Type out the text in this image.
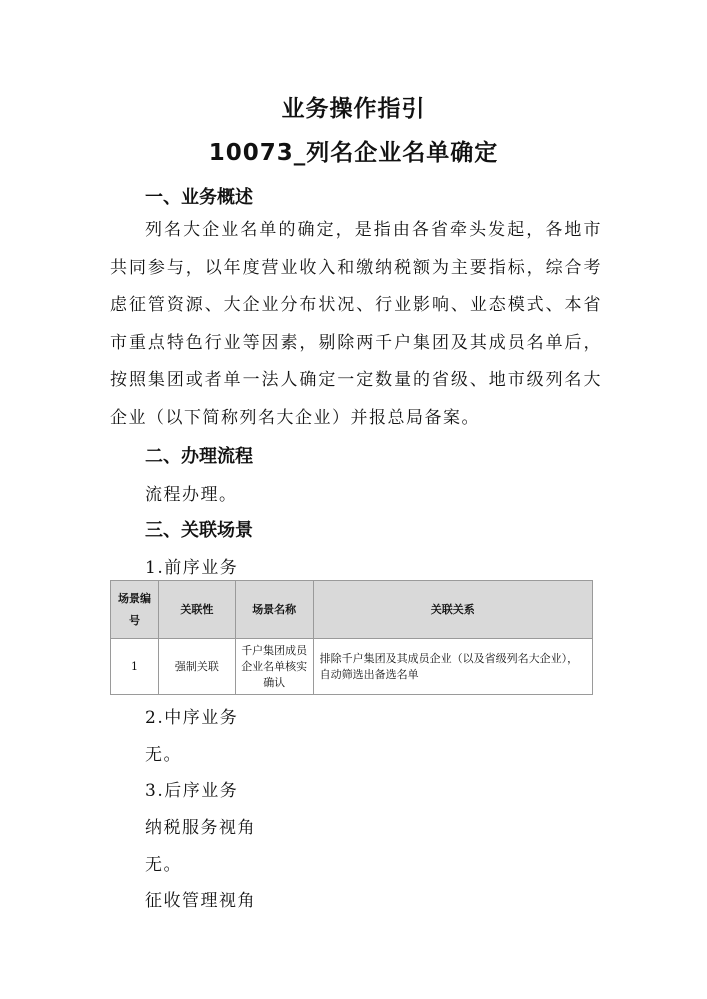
业务操作指引
10073_列名企业名单确定
一、业务概述
列名大企业名单的确定，是指由各省牵头发起，各地市共同参与，以年度营业收入和缴纳税额为主要指标，综合考虑征管资源、大企业分布状况、行业影响、业态模式、本省市重点特色行业等因素，剔除两千户集团及其成员名单后，按照集团或者单一法人确定一定数量的省级、地市级列名大企业（以下简称列名大企业）并报总局备案。
二、办理流程
流程办理。
三、关联场景
1.前序业务
场景编号	关联性	场景名称	关联关系
1	强制关联	千户集团成员企业名单核实确认	排除千户集团及其成员企业（以及省级列名大企业），自动筛选出备选名单
2.中序业务
无。
3.后序业务
纳税服务视角
无。
征收管理视角
